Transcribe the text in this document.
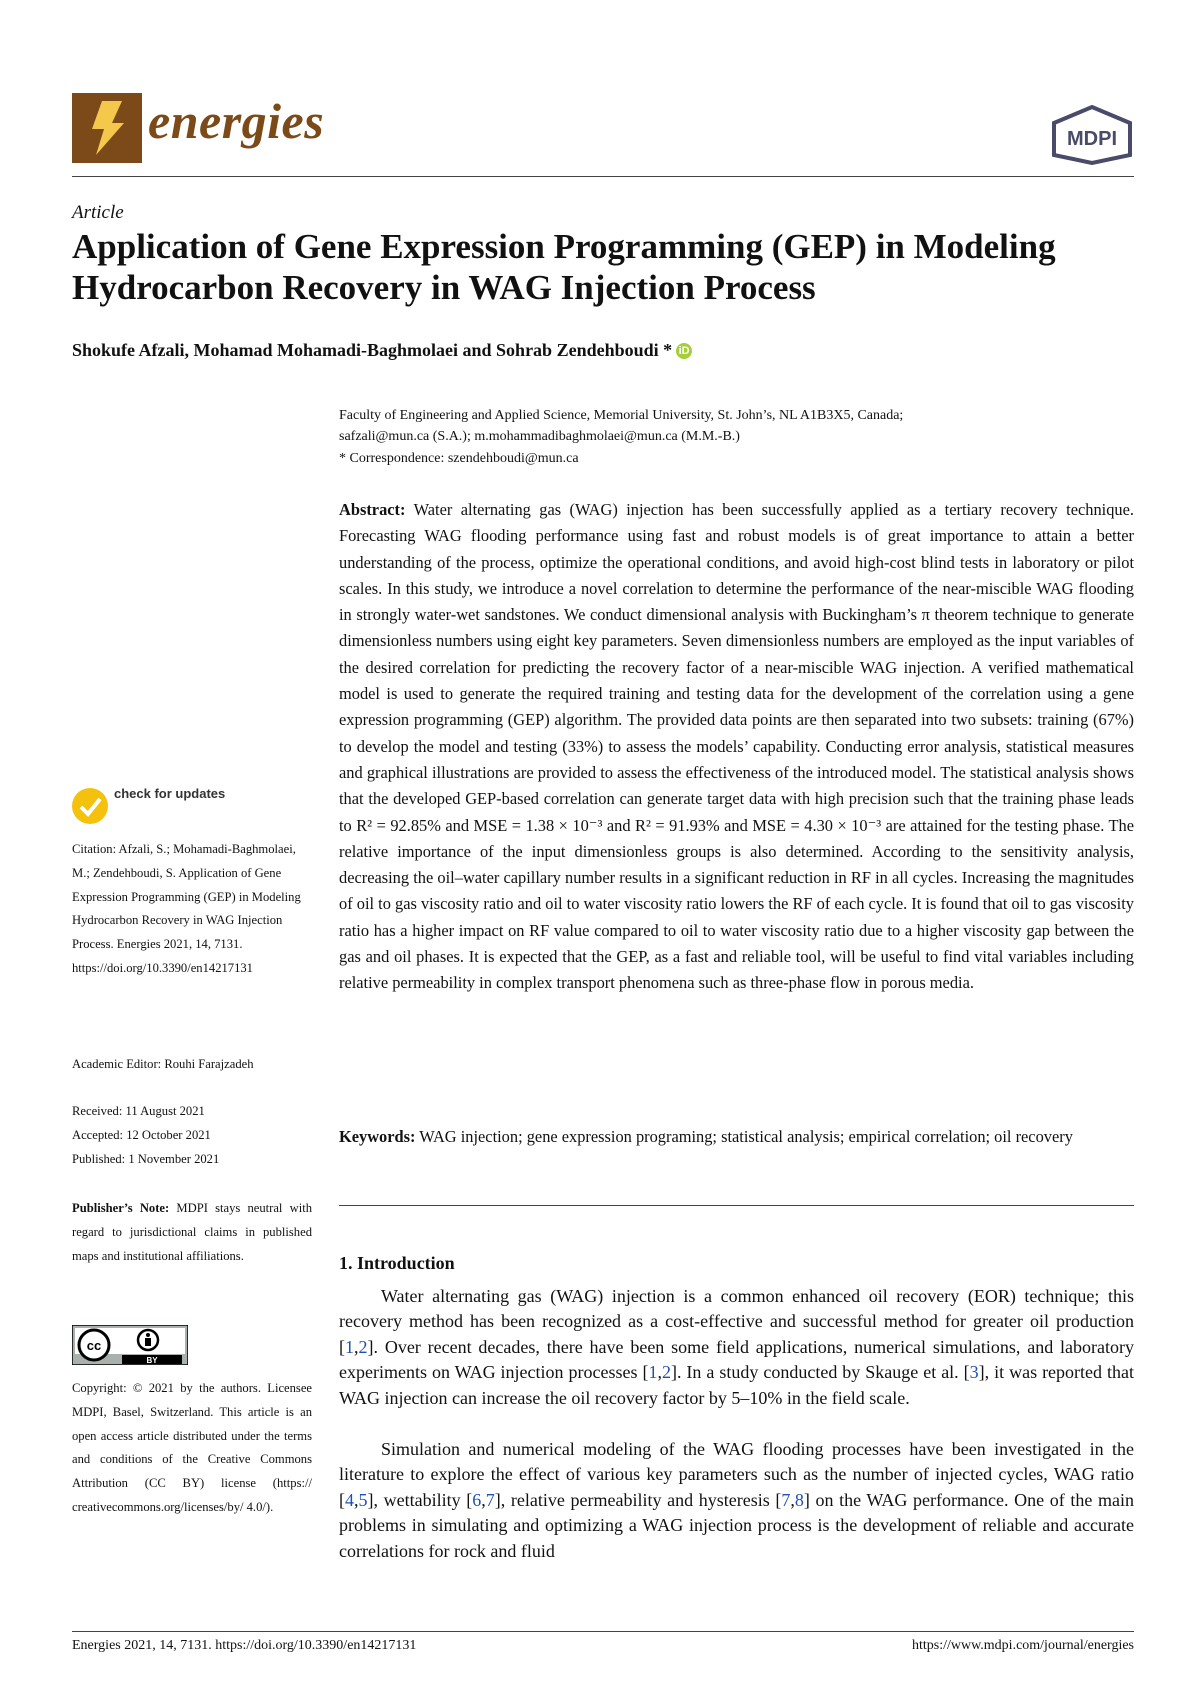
energies	MDPI
Article
Application of Gene Expression Programming (GEP) in Modeling Hydrocarbon Recovery in WAG Injection Process
Shokufe Afzali, Mohamad Mohamadi-Baghmolaei and Sohrab Zendehboudi * iD
Faculty of Engineering and Applied Science, Memorial University, St. John’s, NL A1B3X5, Canada;
safzali@mun.ca (S.A.); m.mohammadibaghmolaei@mun.ca (M.M.-B.)
* Correspondence: szendehboudi@mun.ca
Abstract: Water alternating gas (WAG) injection has been successfully applied as a tertiary recovery technique. Forecasting WAG flooding performance using fast and robust models is of great importance to attain a better understanding of the process, optimize the operational conditions, and avoid high-cost blind tests in laboratory or pilot scales. In this study, we introduce a novel correlation to determine the performance of the near-miscible WAG flooding in strongly water-wet sandstones. We conduct dimensional analysis with Buckingham’s π theorem technique to generate dimensionless numbers using eight key parameters. Seven dimensionless numbers are employed as the input variables of the desired correlation for predicting the recovery factor of a near-miscible WAG injection. A verified mathematical model is used to generate the required training and testing data for the development of the correlation using a gene expression programming (GEP) algorithm. The provided data points are then separated into two subsets: training (67%) to develop the model and testing (33%) to assess the models’ capability. Conducting error analysis, statistical measures and graphical illustrations are provided to assess the effectiveness of the introduced model. The statistical analysis shows that the developed GEP-based correlation can generate target data with high precision such that the training phase leads to R² = 92.85% and MSE = 1.38 × 10⁻³ and R² = 91.93% and MSE = 4.30 × 10⁻³ are attained for the testing phase. The relative importance of the input dimensionless groups is also determined. According to the sensitivity analysis, decreasing the oil–water capillary number results in a significant reduction in RF in all cycles. Increasing the magnitudes of oil to gas viscosity ratio and oil to water viscosity ratio lowers the RF of each cycle. It is found that oil to gas viscosity ratio has a higher impact on RF value compared to oil to water viscosity ratio due to a higher viscosity gap between the gas and oil phases. It is expected that the GEP, as a fast and reliable tool, will be useful to find vital variables including relative permeability in complex transport phenomena such as three-phase flow in porous media.
Keywords: WAG injection; gene expression programing; statistical analysis; empirical correlation; oil recovery
1. Introduction
Water alternating gas (WAG) injection is a common enhanced oil recovery (EOR) technique; this recovery method has been recognized as a cost-effective and successful method for greater oil production [1,2]. Over recent decades, there have been some field applications, numerical simulations, and laboratory experiments on WAG injection processes [1,2]. In a study conducted by Skauge et al. [3], it was reported that WAG injection can increase the oil recovery factor by 5–10% in the field scale.
Simulation and numerical modeling of the WAG flooding processes have been investigated in the literature to explore the effect of various key parameters such as the number of injected cycles, WAG ratio [4,5], wettability [6,7], relative permeability and hysteresis [7,8] on the WAG performance. One of the main problems in simulating and optimizing a WAG injection process is the development of reliable and accurate correlations for rock and fluid
check for updates
Citation: Afzali, S.; Mohamadi-Baghmolaei, M.; Zendehboudi, S. Application of Gene Expression Programming (GEP) in Modeling Hydrocarbon Recovery in WAG Injection Process. Energies 2021, 14, 7131. https://doi.org/10.3390/en14217131
Academic Editor: Rouhi Farajzadeh
Received: 11 August 2021
Accepted: 12 October 2021
Published: 1 November 2021
Publisher’s Note: MDPI stays neutral with regard to jurisdictional claims in published maps and institutional affiliations.
cc
BY
Copyright: © 2021 by the authors. Licensee MDPI, Basel, Switzerland. This article is an open access article distributed under the terms and conditions of the Creative Commons Attribution (CC BY) license (https:// creativecommons.org/licenses/by/ 4.0/).
Energies 2021, 14, 7131. https://doi.org/10.3390/en14217131	https://www.mdpi.com/journal/energies
